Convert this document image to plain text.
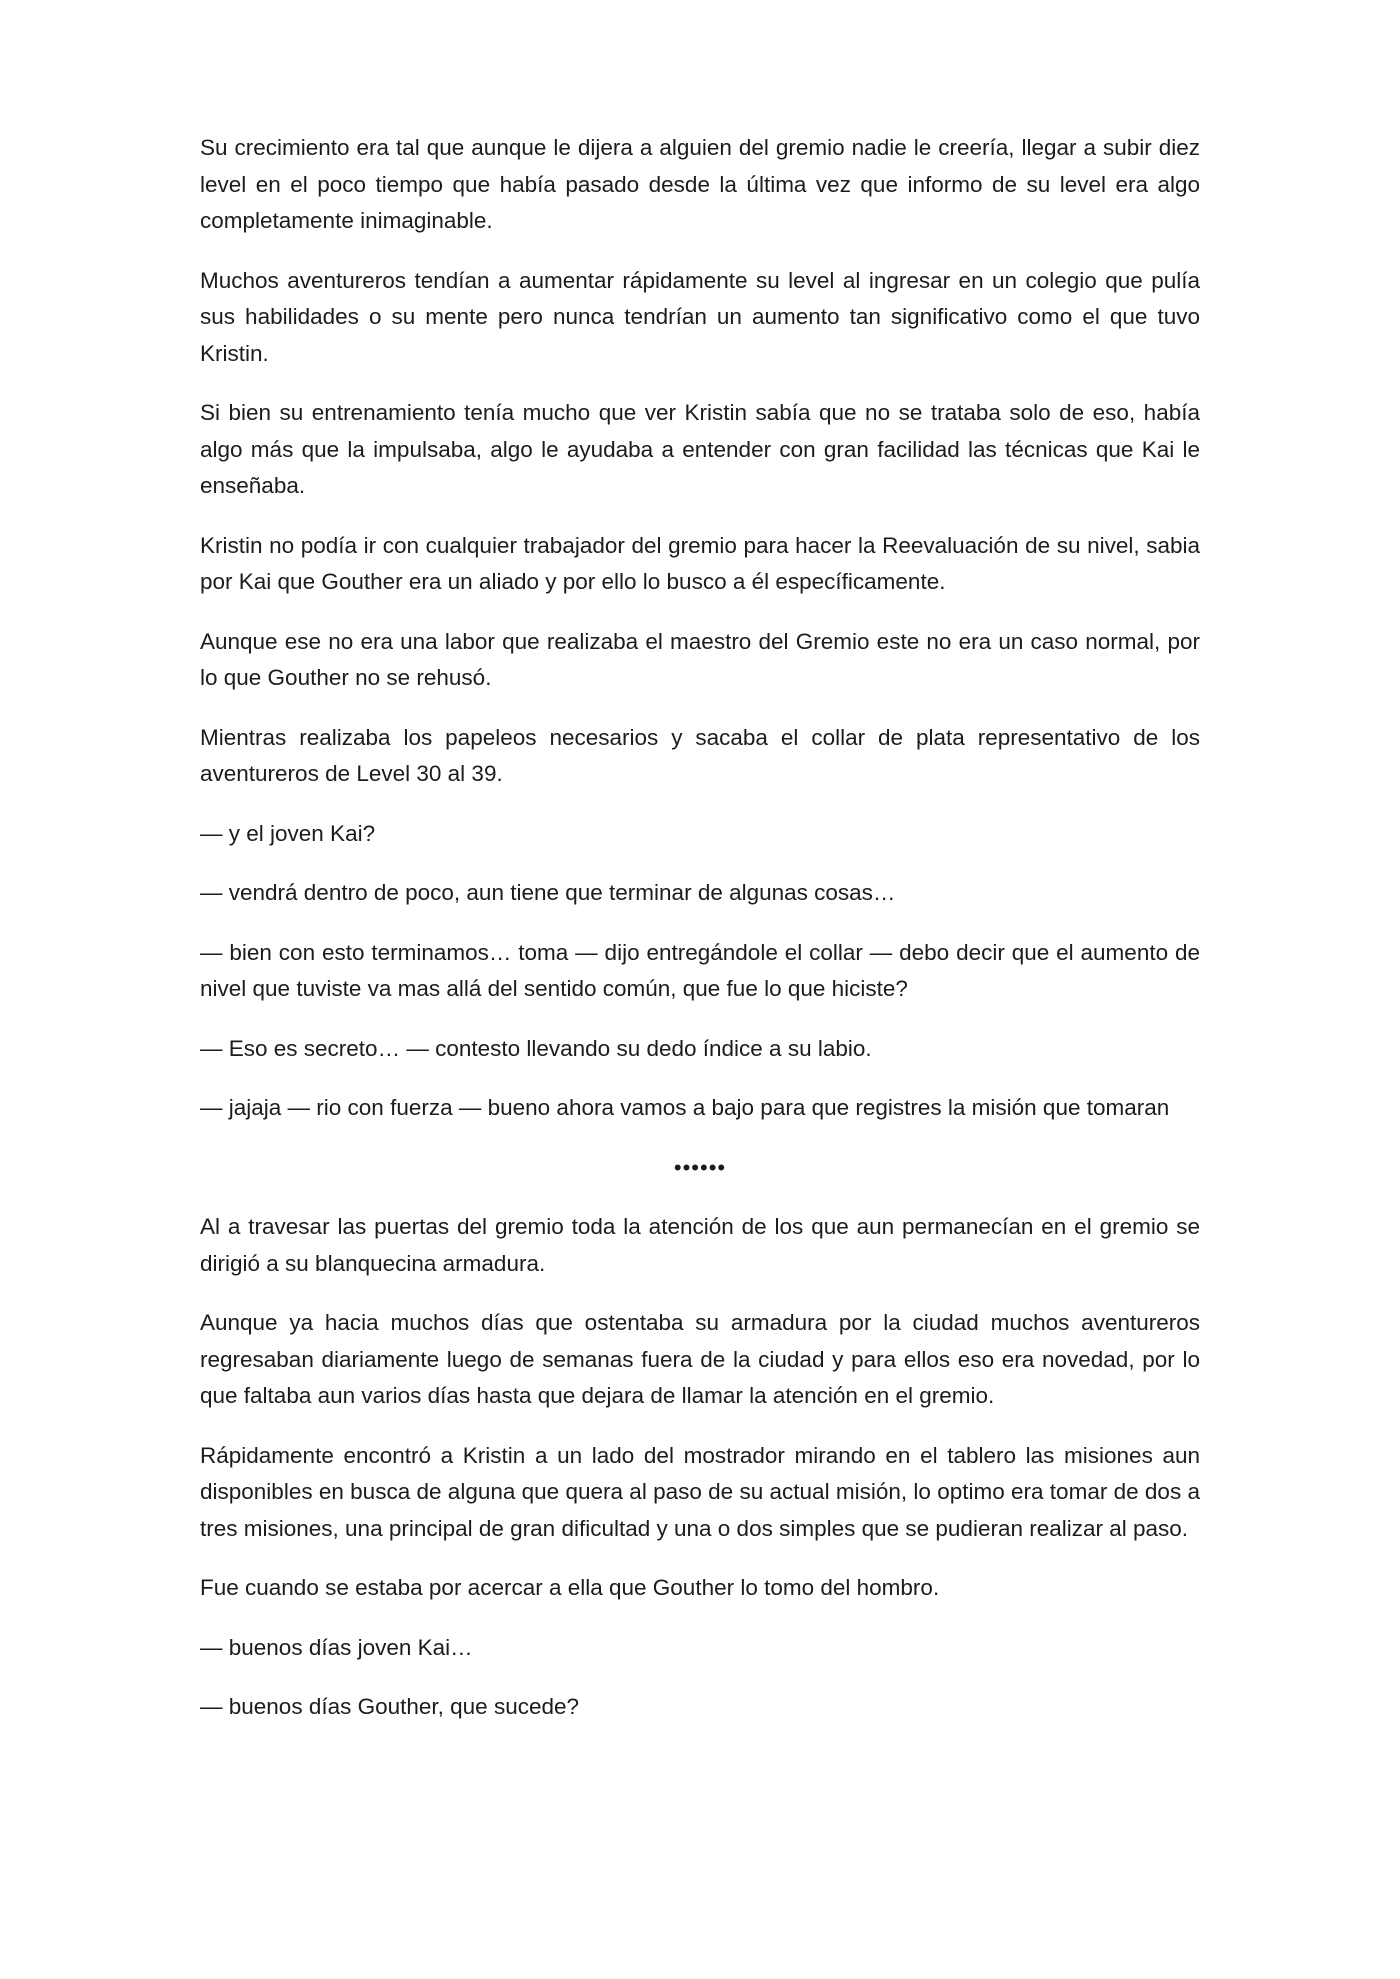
Su crecimiento era tal que aunque le dijera a alguien del gremio nadie le creería, llegar a subir diez level en el poco tiempo que había pasado desde la última vez que informo de su level era algo completamente inimaginable.

Muchos aventureros tendían a aumentar rápidamente su level al ingresar en un colegio que pulía sus habilidades o su mente pero nunca tendrían un aumento tan significativo como el que tuvo Kristin.

Si bien su entrenamiento tenía mucho que ver Kristin sabía que no se trataba solo de eso, había algo más que la impulsaba, algo le ayudaba a entender con gran facilidad las técnicas que Kai le enseñaba.

Kristin no podía ir con cualquier trabajador del gremio para hacer la Reevaluación de su nivel, sabia por Kai que Gouther era un aliado y por ello lo busco a él específicamente.

Aunque ese no era una labor que realizaba el maestro del Gremio este no era un caso normal, por lo que Gouther no se rehusó.

Mientras realizaba los papeleos necesarios y sacaba el collar de plata representativo de los aventureros de Level 30 al 39.

— y el joven Kai?

— vendrá dentro de poco, aun tiene que terminar de algunas cosas…

— bien con esto terminamos… toma — dijo entregándole el collar — debo decir que el aumento de nivel que tuviste va mas allá del sentido común, que fue lo que hiciste?

— Eso es secreto… — contesto llevando su dedo índice a su labio.

— jajaja — rio con fuerza — bueno ahora vamos a bajo para que registres la misión que tomaran

••••••

Al a travesar las puertas del gremio toda la atención de los que aun permanecían en el gremio se dirigió a su blanquecina armadura.

Aunque ya hacia muchos días que ostentaba su armadura por la ciudad muchos aventureros regresaban diariamente luego de semanas fuera de la ciudad y para ellos eso era novedad, por lo que faltaba aun varios días hasta que dejara de llamar la atención en el gremio.

Rápidamente encontró a Kristin a un lado del mostrador mirando en el tablero las misiones aun disponibles en busca de alguna que quera al paso de su actual misión, lo optimo era tomar de dos a tres misiones, una principal de gran dificultad y una o dos simples que se pudieran realizar al paso.

Fue cuando se estaba por acercar a ella que Gouther lo tomo del hombro.

— buenos días joven Kai…

— buenos días Gouther, que sucede?
